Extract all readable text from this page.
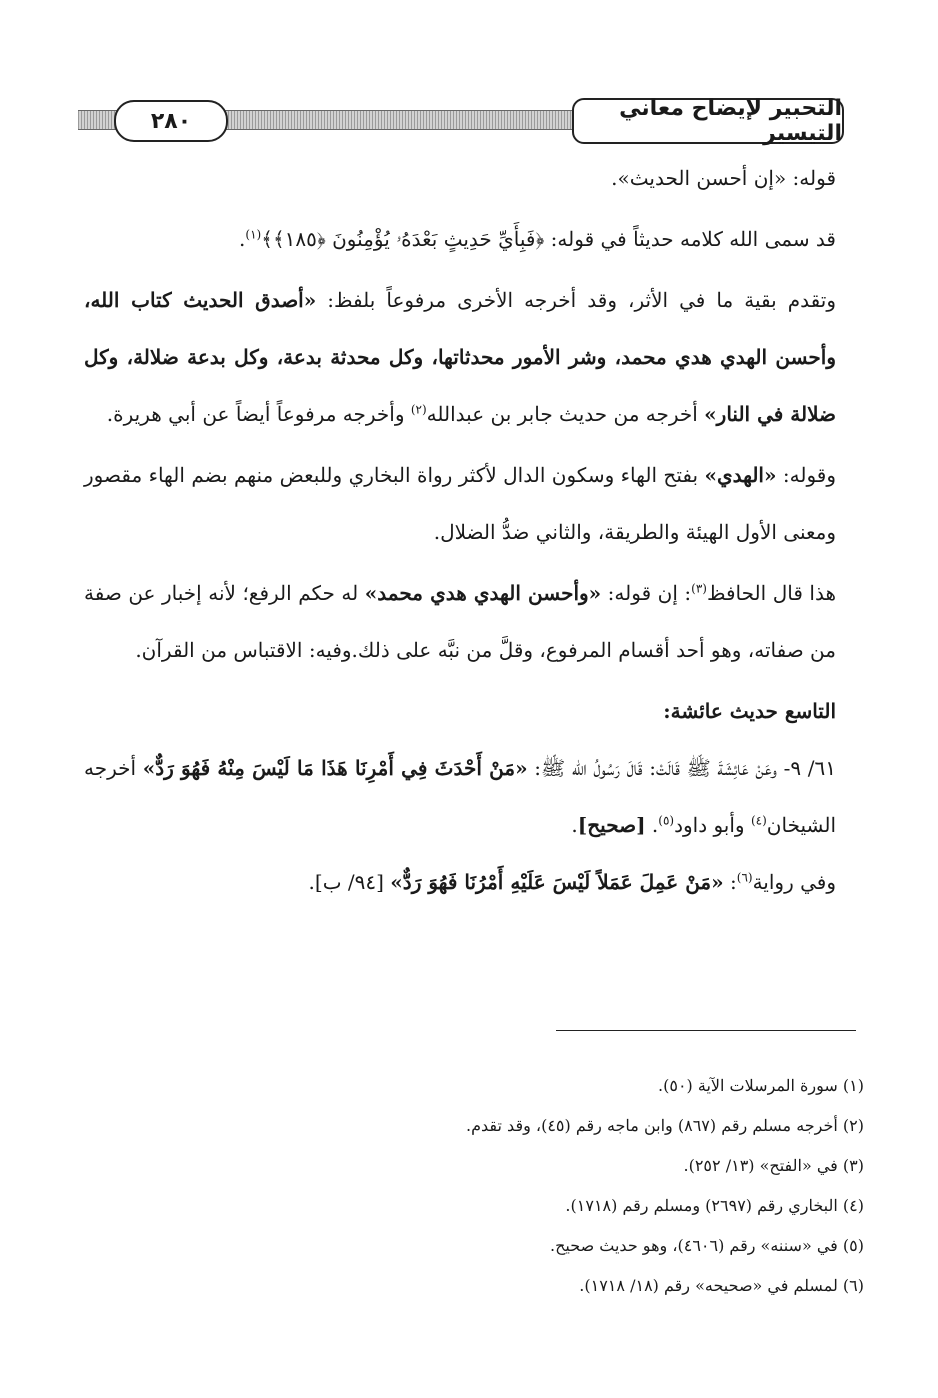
التحبير لإيضاح معاني التيسير
٢٨٠

قوله: «إن أحسن الحديث».

قد سمى الله كلامه حديثاً في قوله: ﴿فَبِأَيِّ حَدِيثٍ بَعْدَهُۥ يُؤْمِنُونَ ﴿١٨٥﴾﴾$^{(١)}$.

وتقدم بقية ما في الأثر، وقد أخرجه الأخرى مرفوعاً بلفظ: «أصدق الحديث كتاب الله، وأحسن الهدي هدي محمد، وشر الأمور محدثاتها، وكل محدثة بدعة، وكل بدعة ضلالة، وكل ضلالة في النار» أخرجه من حديث جابر بن عبدالله$^{(٢)}$ وأخرجه مرفوعاً أيضاً عن أبي هريرة.

وقوله: «الهدي» بفتح الهاء وسكون الدال لأكثر رواة البخاري وللبعض منهم بضم الهاء مقصور ومعنى الأول الهيئة والطريقة، والثاني ضدُّ الضلال.

هذا قال الحافظ$^{(٣)}$: إن قوله: «وأحسن الهدي هدي محمد» له حكم الرفع؛ لأنه إخبار عن صفة من صفاته، وهو أحد أقسام المرفوع، وقلَّ من نبَّه على ذلك.وفيه: الاقتباس من القرآن.

التاسع حديث عائشة:

٦١/ ٩- وعَنْ عَائِشَةَ ﷺ قَالَتْ: قَالَ رَسُولُ الله ﷺ: «مَنْ أَحْدَثَ فِي أَمْرِنَا هَذَا مَا لَيْسَ مِنْهُ فَهُوَ رَدٌّ» أخرجه الشيخان$^{(٤)}$ وأبو داود$^{(٥)}$. [صحيح].

وفي رواية$^{(٦)}$: «مَنْ عَمِلَ عَمَلاً لَيْسَ عَلَيْهِ أَمْرُنَا فَهُوَ رَدٌّ» [٩٤/ ب].

(١) سورة المرسلات الآية (٥٠).
(٢) أخرجه مسلم رقم (٨٦٧) وابن ماجه رقم (٤٥)، وقد تقدم.
(٣) في «الفتح» (١٣/ ٢٥٢).
(٤) البخاري رقم (٢٦٩٧) ومسلم رقم (١٧١٨).
(٥) في «سننه» رقم (٤٦٠٦)، وهو حديث صحيح.
(٦) لمسلم في «صحيحه» رقم (١٨/ ١٧١٨).
